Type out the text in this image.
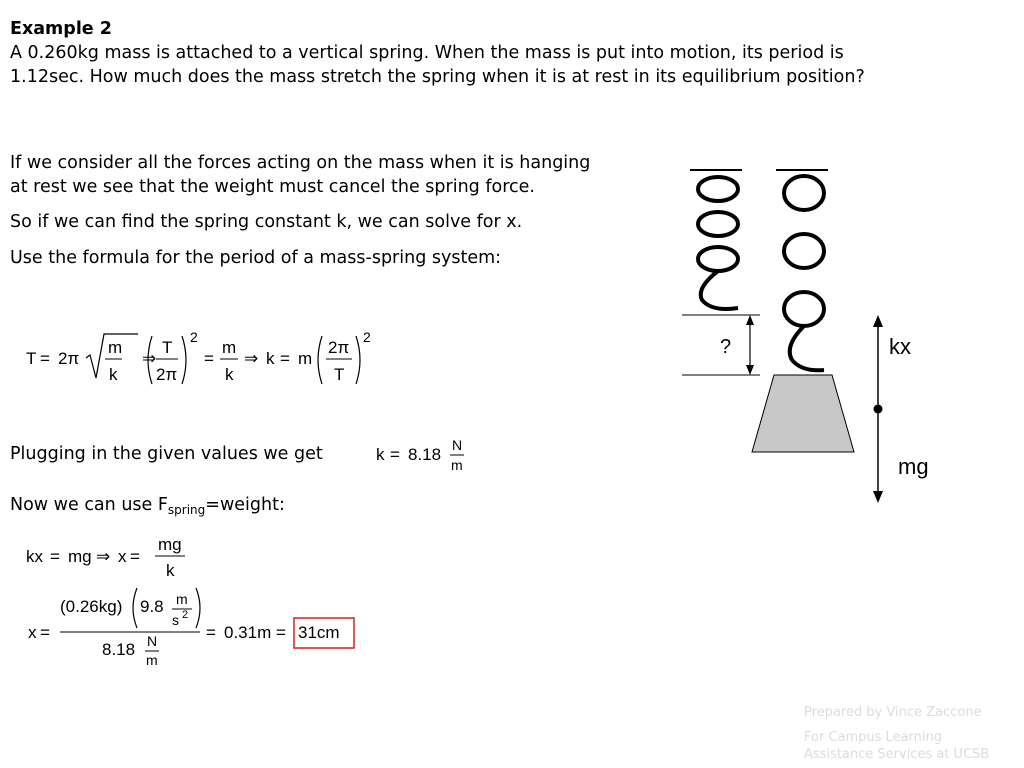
Example 2
A 0.260kg mass is attached to a vertical spring. When the mass is put into motion, its period is
1.12sec. How much does the mass stretch the spring when it is at rest in its equilibrium position?
If we consider all the forces acting on the mass when it is hanging
at rest we see that the weight must cancel the spring force.
So if we can find the spring constant k, we can solve for x.
Use the formula for the period of a mass-spring system:
T = 2π
m
k
⇒
T
2π
2
=
m
k
⇒ k = m
2π
T
2
Plugging in the given values we get	k = 8.18 N
m
Now we can use $F_{spring}=weight$:
kx = mg ⇒ x =
mg
k
x =
(0.26kg) 9.8 m
s 2
8.18 N
m
= 0.31m = 31cm
?	kx
mg
Prepared by Vince Zaccone
For Campus Learning
Assistance Services at UCSB
